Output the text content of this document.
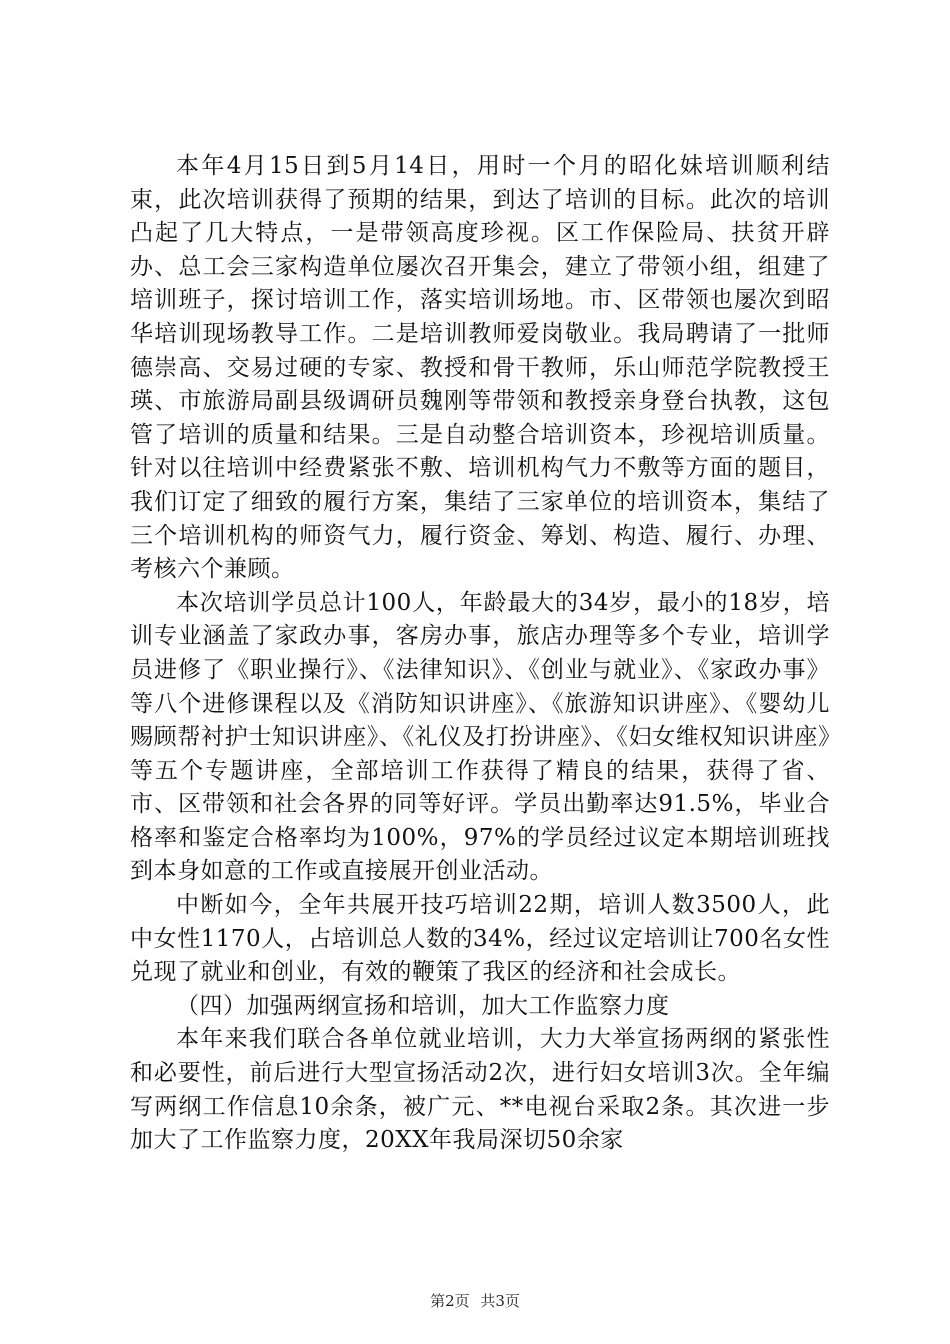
本年4月15日到5月14日，用时一个月的昭化妹培训顺利结束，此次培训获得了预期的结果，到达了培训的目标。此次的培训凸起了几大特点，一是带领高度珍视。区工作保险局、扶贫开辟办、总工会三家构造单位屡次召开集会，建立了带领小组，组建了培训班子，探讨培训工作，落实培训场地。市、区带领也屡次到昭华培训现场教导工作。二是培训教师爱岗敬业。我局聘请了一批师德崇高、交易过硬的专家、教授和骨干教师，乐山师范学院教授王瑛、市旅游局副县级调研员魏刚等带领和教授亲身登台执教，这包管了培训的质量和结果。三是自动整合培训资本，珍视培训质量。针对以往培训中经费紧张不敷、培训机构气力不敷等方面的题目，我们订定了细致的履行方案，集结了三家单位的培训资本，集结了三个培训机构的师资气力，履行资金、筹划、构造、履行、办理、考核六个兼顾。

本次培训学员总计100人，年龄最大的34岁，最小的18岁，培训专业涵盖了家政办事，客房办事，旅店办理等多个专业，培训学员进修了《职业操行》、《法律知识》、《创业与就业》、《家政办事》等八个进修课程以及《消防知识讲座》、《旅游知识讲座》、《婴幼儿赐顾帮衬护士知识讲座》、《礼仪及打扮讲座》、《妇女维权知识讲座》等五个专题讲座，全部培训工作获得了精良的结果，获得了省、市、区带领和社会各界的同等好评。学员出勤率达91.5%，毕业合格率和鉴定合格率均为100%，97%的学员经过议定本期培训班找到本身如意的工作或直接展开创业活动。

中断如今，全年共展开技巧培训22期，培训人数3500人，此中女性1170人，占培训总人数的34%，经过议定培训让700名女性兑现了就业和创业，有效的鞭策了我区的经济和社会成长。

（四）加强两纲宣扬和培训，加大工作监察力度

本年来我们联合各单位就业培训，大力大举宣扬两纲的紧张性和必要性，前后进行大型宣扬活动2次，进行妇女培训3次。全年编写两纲工作信息10余条，被广元、**电视台采取2条。其次进一步加大了工作监察力度，20XX年我局深切50余家

第2页 共3页
